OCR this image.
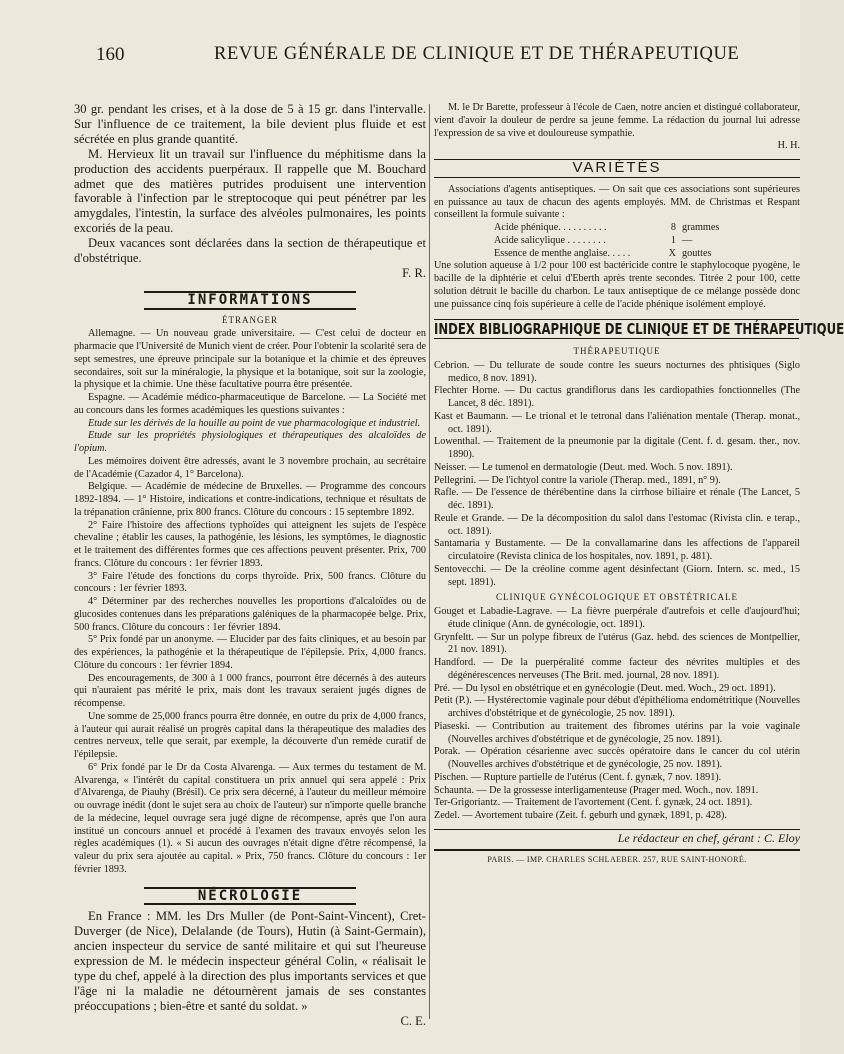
160	REVUE GÉNÉRALE DE CLINIQUE ET DE THÉRAPEUTIQUE

30 gr. pendant les crises, et à la dose de 5 à 15 gr. dans l'intervalle. Sur l'influence de ce traitement, la bile devient plus fluide et est sécrétée en plus grande quantité.

M. Hervieux lit un travail sur l'influence du méphitisme dans la production des accidents puerpéraux. Il rappelle que M. Bouchard admet que des matières putrides produisent une intervention favorable à l'infection par le streptocoque qui peut pénétrer par les amygdales, l'intestin, la surface des alvéoles pulmonaires, les points excoriés de la peau.

Deux vacances sont déclarées dans la section de thérapeutique et d'obstétrique.

F. R.

INFORMATIONS
ÉTRANGER

Allemagne. — Un nouveau grade universitaire. — C'est celui de docteur en pharmacie que l'Université de Munich vient de créer. Pour l'obtenir la scolarité sera de sept semestres, une épreuve principale sur la botanique et la chimie et des épreuves secondaires, soit sur la minéralogie, la physique et la botanique, soit sur la zoologie, la physique et la chimie. Une thèse facultative pourra être présentée.

Espagne. — Académie médico-pharmaceutique de Barcelone. — La Société met au concours dans les formes académiques les questions suivantes :

Etude sur les dérivés de la houille au point de vue pharmacologique et industriel.

Etude sur les propriétés physiologiques et thérapeutiques des alcaloïdes de l'opium.

Les mémoires doivent être adressés, avant le 3 novembre prochain, au secrétaire de l'Académie (Cazador 4, 1° Barcelona).

Belgique. — Académie de médecine de Bruxelles. — Programme des concours 1892-1894. — 1° Histoire, indications et contre-indications, technique et résultats de la trépanation crânienne, prix 800 francs. Clôture du concours : 15 septembre 1892.

2° Faire l'histoire des affections typhoïdes qui atteignent les sujets de l'espèce chevaline ; établir les causes, la pathogénie, les lésions, les symptômes, le diagnostic et le traitement des différentes formes que ces affections peuvent présenter. Prix, 700 francs. Clôture du concours : 1er février 1893.

3° Faire l'étude des fonctions du corps thyroïde. Prix, 500 francs. Clôture du concours : 1er février 1893.

4° Déterminer par des recherches nouvelles les proportions d'alcaloïdes ou de glucosides contenues dans les préparations galéniques de la pharmacopée belge. Prix, 500 francs. Clôture du concours : 1er février 1894.

5° Prix fondé par un anonyme. — Elucider par des faits cliniques, et au besoin par des expériences, la pathogénie et la thérapeutique de l'épilepsie. Prix, 4,000 francs. Clôture du concours : 1er février 1894.

Des encouragements, de 300 à 1 000 francs, pourront être décernés à des auteurs qui n'auraient pas mérité le prix, mais dont les travaux seraient jugés dignes de récompense.

Une somme de 25,000 francs pourra être donnée, en outre du prix de 4,000 francs, à l'auteur qui aurait réalisé un progrès capital dans la thérapeutique des maladies des centres nerveux, telle que serait, par exemple, la découverte d'un remède curatif de l'épilepsie.

6° Prix fondé par le Dr da Costa Alvarenga. — Aux termes du testament de M. Alvarenga, « l'intérêt du capital constituera un prix annuel qui sera appelé : Prix d'Alvarenga, de Piauhy (Brésil). Ce prix sera décerné, à l'auteur du meilleur mémoire ou ouvrage inédit (dont le sujet sera au choix de l'auteur) sur n'importe quelle branche de la médecine, lequel ouvrage sera jugé digne de récompense, après que l'on aura institué un concours annuel et procédé à l'examen des travaux envoyés selon les règles académiques (1). « Si aucun des ouvrages n'était digne d'être récompensé, la valeur du prix sera ajoutée au capital. » Prix, 750 francs. Clôture du concours : 1er février 1893.

NÉCROLOGIE

En France : MM. les Drs Muller (de Pont-Saint-Vincent), Cret-Duverger (de Nice), Delalande (de Tours), Hutin (à Saint-Germain), ancien inspecteur du service de santé militaire et qui sut l'heureuse expression de M. le médecin inspecteur général Colin, « réalisait le type du chef, appelé à la direction des plus importants services et que l'âge ni la maladie ne détournèrent jamais de ses constantes préoccupations ; bien-être et santé du soldat. »

C. E.

M. le Dr Barette, professeur à l'école de Caen, notre ancien et distingué collaborateur, vient d'avoir la douleur de perdre sa jeune femme. La rédaction du journal lui adresse l'expression de sa vive et douloureuse sympathie.

H. H.

VARIÉTÉS

Associations d'agents antiseptiques. — On sait que ces associations sont supérieures en puissance au taux de chacun des agents employés. MM. de Christmas et Respant conseillent la formule suivante :

Acide phénique. . . . . . . . . .	8 grammes
Acide salicylique . . . . . . . .	1 —
Essence de menthe anglaise. . . . .	X gouttes

Une solution aqueuse à 1/2 pour 100 est bactéricide contre le staphylocoque pyogène, le bacille de la diphtérie et celui d'Eberth après trente secondes. Titrée 2 pour 100, cette solution détruit le bacille du charbon. Le taux antiseptique de ce mélange possède donc une puissance cinq fois supérieure à celle de l'acide phénique isolément employé.

INDEX BIBLIOGRAPHIQUE DE CLINIQUE ET DE THÉRAPEUTIQUE
THÉRAPEUTIQUE

Cebrion. — Du tellurate de soude contre les sueurs nocturnes des phtisiques (Siglo medico, 8 nov. 1891).

Flechter Horne. — Du cactus grandiflorus dans les cardiopathies fonctionnelles (The Lancet, 8 déc. 1891).

Kast et Baumann. — Le trional et le tetronal dans l'aliénation mentale (Therap. monat., oct. 1891).

Lowenthal. — Traitement de la pneumonie par la digitale (Cent. f. d. gesam. ther., nov. 1890).

Neisser. — Le tumenol en dermatologie (Deut. med. Woch. 5 nov. 1891).

Pellegrini. — De l'ichtyol contre la variole (Therap. med., 1891, n° 9).

Rafle. — De l'essence de thérébentine dans la cirrhose biliaire et rénale (The Lancet, 5 déc. 1891).

Reule et Grande. — De la décomposition du salol dans l'estomac (Rivista clin. e terap., oct. 1891).

Santamaria y Bustamente. — De la convallamarine dans les affections de l'appareil circulatoire (Revista clinica de los hospitales, nov. 1891, p. 481).

Sentovecchi. — De la créoline comme agent désinfectant (Giorn. Intern. sc. med., 15 sept. 1891).

CLINIQUE GYNÉCOLOGIQUE ET OBSTÉTRICALE

Gouget et Labadie-Lagrave. — La fièvre puerpérale d'autrefois et celle d'aujourd'hui; étude clinique (Ann. de gynécologie, oct. 1891).

Grynfeltt. — Sur un polype fibreux de l'utérus (Gaz. hebd. des sciences de Montpellier, 21 nov. 1891).

Handford. — De la puerpéralité comme facteur des névrites multiples et des dégénérescences nerveuses (The Brit. med. journal, 28 nov. 1891).

Pré. — Du lysol en obstétrique et en gynécologie (Deut. med. Woch., 29 oct. 1891).

Petit (P.). — Hystérectomie vaginale pour début d'épithélioma endométritique (Nouvelles archives d'obstétrique et de gynécologie, 25 nov. 1891).

Piaseski. — Contribution au traitement des fibromes utérins par la voie vaginale (Nouvelles archives d'obstétrique et de gynécologie, 25 nov. 1891).

Porak. — Opération césarienne avec succès opératoire dans le cancer du col utérin (Nouvelles archives d'obstétrique et de gynécologie, 25 nov. 1891).

Pischen. — Rupture partielle de l'utérus (Cent. f. gynæk, 7 nov. 1891).

Schaunta. — De la grossesse interligamenteuse (Prager med. Woch., nov. 1891.

Ter-Grigoriantz. — Traitement de l'avortement (Cent. f. gynæk, 24 oct. 1891).

Zedel. — Avortement tubaire (Zeit. f. geburh und gynæk, 1891, p. 428).

Le rédacteur en chef, gérant : C. Eloy
PARIS. — IMP. CHARLES SCHLAEBER. 257, RUE SAINT-HONORÉ.
